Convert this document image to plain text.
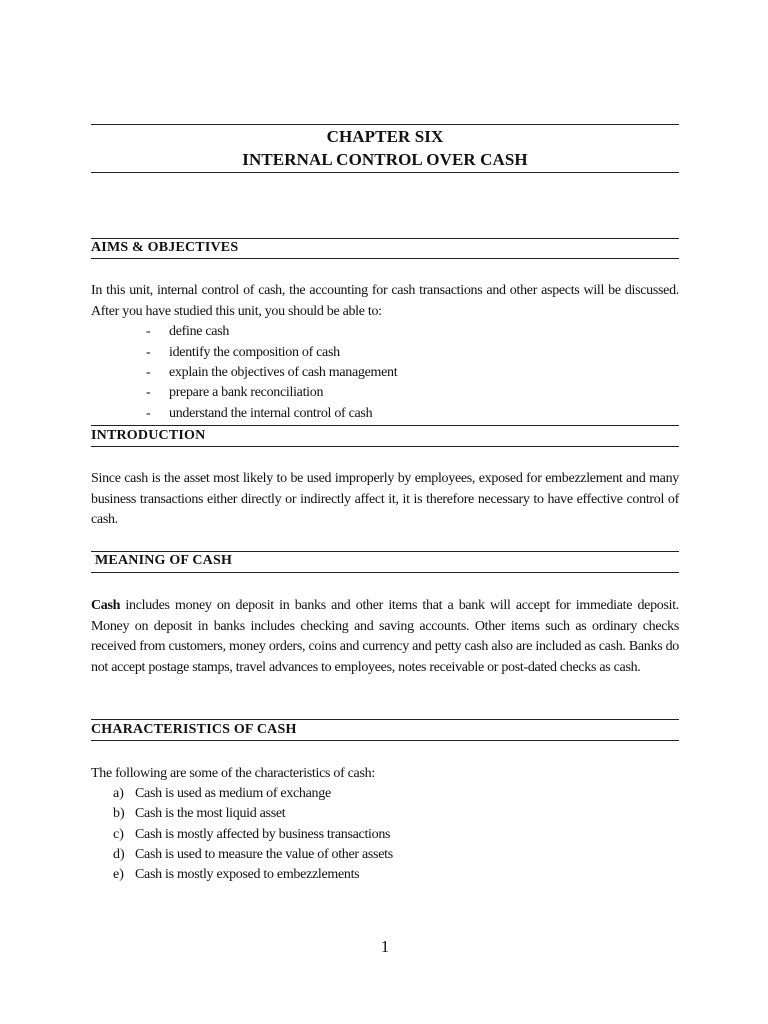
CHAPTER SIX
INTERNAL CONTROL OVER CASH
AIMS & OBJECTIVES
In this unit, internal control of cash, the accounting for cash transactions and other aspects will be discussed. After you have studied this unit, you should be able to:
- define cash
- identify the composition of cash
- explain the objectives of cash management
- prepare a bank reconciliation
- understand the internal control of cash
INTRODUCTION
Since cash is the asset most likely to be used improperly by employees, exposed for embezzlement and many business transactions either directly or indirectly affect it, it is therefore necessary to have effective control of cash.
MEANING OF CASH
Cash includes money on deposit in banks and other items that a bank will accept for immediate deposit. Money on deposit in banks includes checking and saving accounts. Other items such as ordinary checks received from customers, money orders, coins and currency and petty cash also are included as cash. Banks do not accept postage stamps, travel advances to employees, notes receivable or post-dated checks as cash.
CHARACTERISTICS OF CASH
The following are some of the characteristics of cash:
a) Cash is used as medium of exchange
b) Cash is the most liquid asset
c) Cash is mostly affected by business transactions
d) Cash is used to measure the value of other assets
e) Cash is mostly exposed to embezzlements
1
